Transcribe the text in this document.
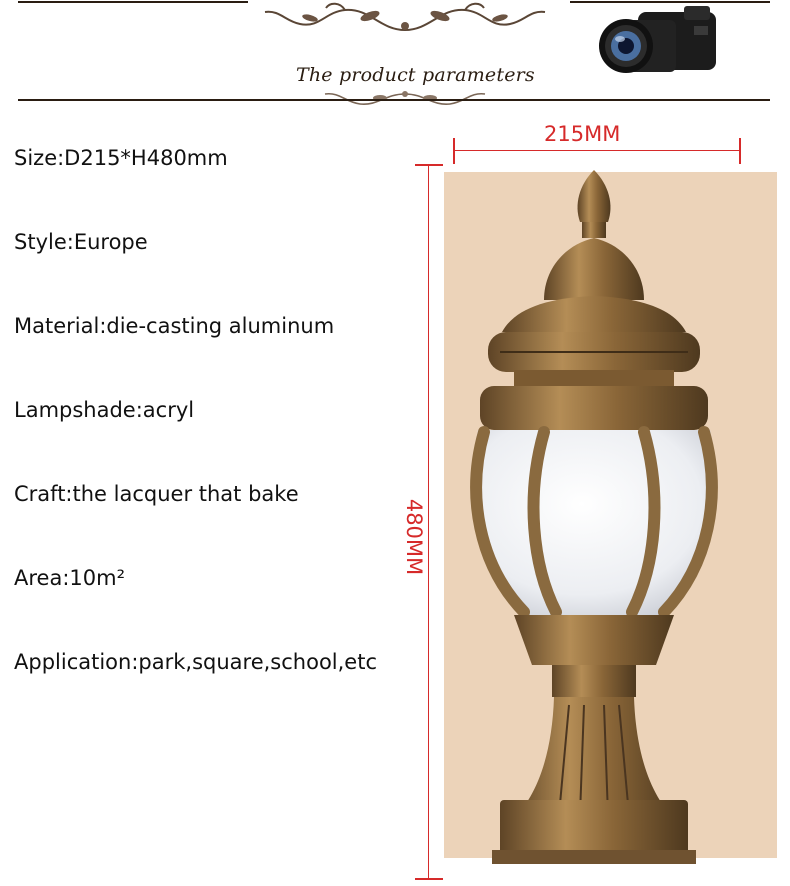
The product parameters
Size:D215*H480mm
Style:Europe
Material:die-casting aluminum
Lampshade:acryl
Craft:the lacquer that bake
Area:10m²
Application:park,square,school,etc
215MM
480MM
